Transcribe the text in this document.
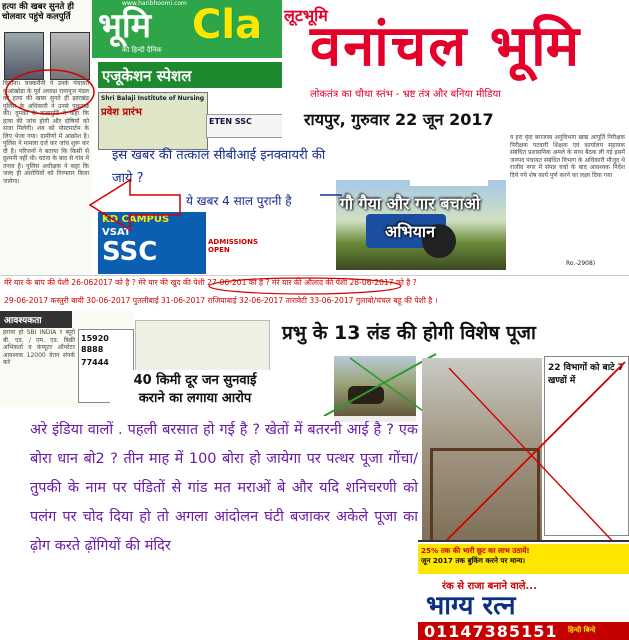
हत्या की खबर सुनते ही चोलवार पहुंचे कलपुर्ति
किराना। चक्करौनी ने उनके पंचायत कुआंखोड़ा के पूर्व अध्यक्ष रामानुज मंडल को हत्या की खबर सुनते ही झारखंड पुलिस के अधिकारी ने उनसे पूछताछ की। दुमका के कलापुर्ति ने कहा कि हत्या की जांच होगी और दोषियों को सजा मिलेगी। शव को पोस्टमार्टम के लिए भेजा गया। ग्रामीणों में आक्रोश है। पुलिस ने मामला दर्ज कर जांच शुरू कर दी है। परिजनों ने बताया कि किसी से दुश्मनी नहीं थी। घटना के बाद से गांव में तनाव है। पुलिस अधीक्षक ने कहा कि जल्द ही आरोपियों को गिरफ्तार किया जायेगा।
www.haribhoomi.com
भूमि
की हिन्दी दैनिक
Cla
एजूकेशन स्पेशल
Shri Balaji Institute of Nursing
प्रवेश प्रारंभ
ETEN SSC
KD CAMPUS
VSAT
SSC	ADMISSIONS OPEN
लूटभूमि
वनांचल भूमि
लोकतंत्र का चौथा स्तंभ - भ्रष्ट तंत्र और बनिया मीडिया
रायपुर, गुरुवार 22 जून 2017
व हरा वृंदा बराजस्व अनुविभाग खाद्य आपूर्ति निरीक्षक निरीक्षक पटवारी शिक्षक एवं कार्यालय सहायक संबंधित प्रशासनिक अमले के साथ बैठक ली गई इसमें जनपद पंचायत संबंधित विभाग के अधिकारी मौजूद थे राजीव नगर में संपन्न चर्चा के बाद आवश्यक निर्देश दिये गये शेष कार्य पूर्ण करने का लक्ष्य दिया गया
Ro.-2908)
इस खबर की तत्काल सीबीआई इनक्वायरी की जाये ?
ये खबर 4 साल पुरानी है	गौ गैया और गार बचाओ अभियान
मेरे यार के बाप की पेशी 26-062017 को है ? मेरे यार की खुद की पेशी 27-06-201 को है ? मेरे यार की औलाद की पेशी 28-06-2017 को है ?
29-06-2017 कस्तुरी बायी 30-06-2017 पुतलीबाई 31-06-2017 राजियाबाई 32-06-2017 तारावेटी 33-06-2017 गुलाबो/चंचल बहू की पेशी है ।
आवश्यकता
हराया हो SBI INDIA र ब्यूरो बी. एड. / एम. एड. बिक्री अभिकर्ता व कंप्यूटर ऑपरेटर आवश्यक 12000 वेतन संपर्क करें
15920
8888
77444
40 किमी दूर जन सुनवाई
कराने का लगाया आरोप
प्रभु के 13 लंड की होगी विशेष पूजा
22 विभागों को बाटे 7 खण्डों में
अरे इंडिया वालों . पहली बरसात हो गई है ? खेतों में बतरनी आई है ? एक बोरा धान बो2 ? तीन माह में 100 बोरा हो जायेगा पर पत्थर पूजा गोंचा/तुपकी के नाम पर पंडितों से गांड मत मराओं बे और यदि शनिचरणी को पलंग पर चोद दिया हो तो अगला आंदोलन घंटी बजाकर अकेले पूजा का ढ़ोग करते ढ़ोंगियों की मंदिर	25% तक की भारी छूट का लाभ उठायें!
जून 2017 तक बुकिंग करने पर मान्य।
रंक से राजा बनाने वाले...
भाग्य रत्न
01147385151 हिन्दी बिन्दे
